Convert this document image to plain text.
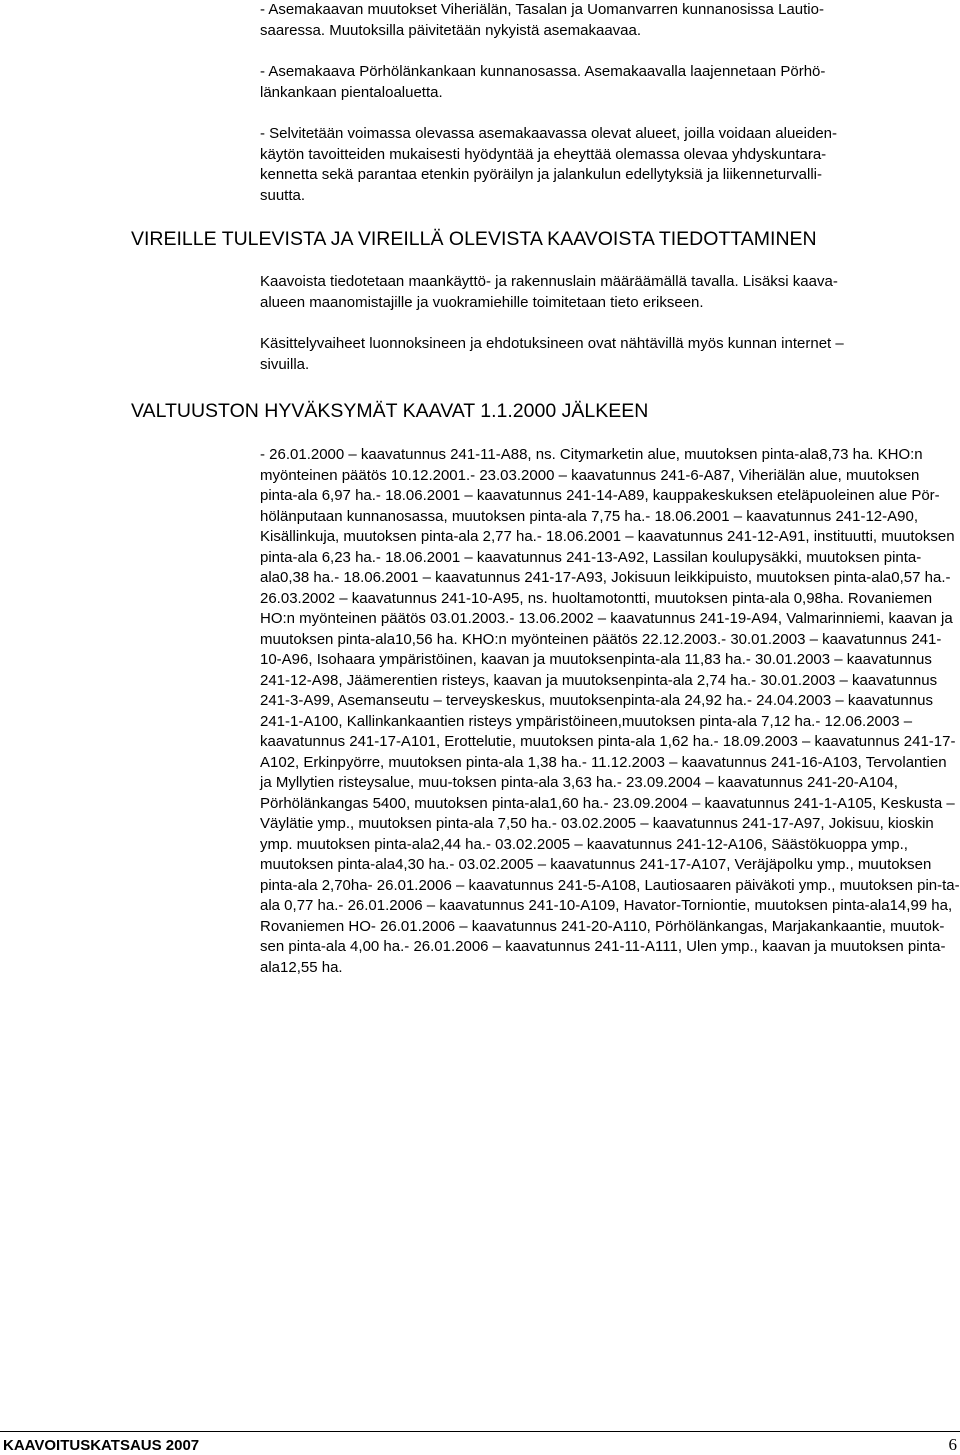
- Asemakaavan muutokset Viheriälän, Tasalan ja Uomanvarren kunnanosissa Lautio-
saaressa. Muutoksilla päivitetään nykyistä asemakaavaa.
- Asemakaava Pörhölänkankaan kunnanosassa. Asemakaavalla laajennetaan Pörhö-
länkankaan pientaloaluetta.
- Selvitetään voimassa olevassa asemakaavassa olevat alueet, joilla voidaan alueiden-
käytön tavoitteiden mukaisesti hyödyntää ja eheyttää olemassa olevaa yhdyskuntara-
kennetta sekä parantaa etenkin pyöräilyn ja jalankulun edellytyksiä ja liikenneturvalli-
suutta.
VIREILLE TULEVISTA JA VIREILLÄ OLEVISTA KAAVOISTA TIEDOTTAMINEN
Kaavoista tiedotetaan maankäyttö- ja rakennuslain määräämällä tavalla. Lisäksi kaava-
alueen maanomistajille ja vuokramiehille toimitetaan tieto erikseen.
Käsittelyvaiheet luonnoksineen ja ehdotuksineen ovat nähtävillä myös kunnan internet –
sivuilla.
VALTUUSTON HYVÄKSYMÄT KAAVAT 1.1.2000 JÄLKEEN
- 26.01.2000 – kaavatunnus 241-11-A88, ns. Citymarketin alue, muutoksen pinta-ala8,73 ha. KHO:n myönteinen päätös 10.12.2001.- 23.03.2000 – kaavatunnus 241-6-A87, Viheriälän alue, muutoksen pinta-ala 6,97 ha.- 18.06.2001 – kaavatunnus 241-14-A89, kauppakeskuksen eteläpuoleinen alue Pör-hölänputaan kunnanosassa, muutoksen pinta-ala 7,75 ha.- 18.06.2001 – kaavatunnus 241-12-A90, Kisällinkuja, muutoksen pinta-ala 2,77 ha.- 18.06.2001 – kaavatunnus 241-12-A91, instituutti, muutoksen pinta-ala 6,23 ha.- 18.06.2001 – kaavatunnus 241-13-A92, Lassilan koulupysäkki, muutoksen pinta-ala0,38 ha.- 18.06.2001 – kaavatunnus 241-17-A93, Jokisuun leikkipuisto, muutoksen pinta-ala0,57 ha.- 26.03.2002 – kaavatunnus 241-10-A95, ns. huoltamotontti, muutoksen pinta-ala 0,98ha. Rovaniemen HO:n myönteinen päätös 03.01.2003.- 13.06.2002 – kaavatunnus 241-19-A94, Valmarinniemi, kaavan ja muutoksen pinta-ala10,56 ha. KHO:n myönteinen päätös 22.12.2003.- 30.01.2003 – kaavatunnus 241-10-A96, Isohaara ympäristöinen, kaavan ja muutoksenpinta-ala 11,83 ha.- 30.01.2003 – kaavatunnus 241-12-A98, Jäämerentien risteys, kaavan ja muutoksenpinta-ala 2,74 ha.- 30.01.2003 – kaavatunnus 241-3-A99, Asemanseutu – terveyskeskus, muutoksenpinta-ala 24,92 ha.- 24.04.2003 – kaavatunnus 241-1-A100, Kallinkankaantien risteys ympäristöineen,muutoksen pinta-ala 7,12 ha.- 12.06.2003 – kaavatunnus 241-17-A101, Erottelutie, muutoksen pinta-ala 1,62 ha.- 18.09.2003 – kaavatunnus 241-17-A102, Erkinpyörre, muutoksen pinta-ala 1,38 ha.- 11.12.2003 – kaavatunnus 241-16-A103, Tervolantien ja Myllytien risteysalue, muu-toksen pinta-ala 3,63 ha.- 23.09.2004 – kaavatunnus 241-20-A104, Pörhölänkangas 5400, muutoksen pinta-ala1,60 ha.- 23.09.2004 – kaavatunnus 241-1-A105, Keskusta – Väylätie ymp., muutoksen pinta-ala 7,50 ha.- 03.02.2005 – kaavatunnus 241-17-A97, Jokisuu, kioskin ymp. muutoksen pinta-ala2,44 ha.- 03.02.2005 – kaavatunnus 241-12-A106, Säästökuoppa ymp., muutoksen pinta-ala4,30 ha.- 03.02.2005 – kaavatunnus 241-17-A107, Veräjäpolku ymp., muutoksen pinta-ala 2,70ha- 26.01.2006 – kaavatunnus 241-5-A108, Lautiosaaren päiväkoti ymp., muutoksen pin-ta-ala 0,77 ha.- 26.01.2006 – kaavatunnus 241-10-A109, Havator-Torniontie, muutoksen pinta-ala14,99 ha, Rovaniemen HO- 26.01.2006 – kaavatunnus 241-20-A110, Pörhölänkangas, Marjakankaantie, muutok-sen pinta-ala 4,00 ha.- 26.01.2006 – kaavatunnus 241-11-A111, Ulen ymp., kaavan ja muutoksen pinta-ala12,55 ha.
KAAVOITUSKATSAUS 2007	6
